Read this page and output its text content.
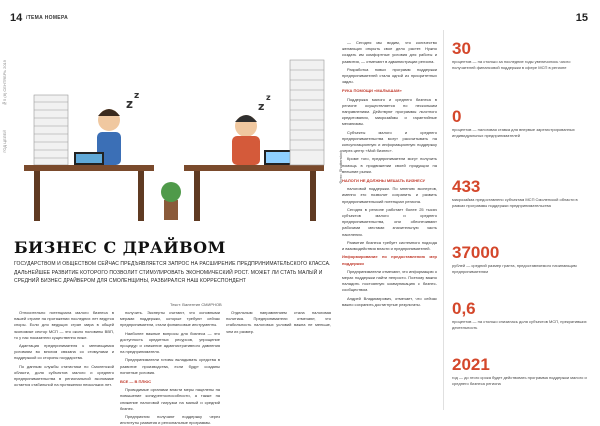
14 /ТЕМА НОМЕРА	15
№5 (8) СЕНТЯБРЬ 2019
ГОД ЦЕЛЕЙ
z
z
z
z
Фото: Shutterstock
БИЗНЕС С ДРАЙВОМ
ГОСУДАРСТВОМ И ОБЩЕСТВОМ СЕЙЧАС ПРЕДЪЯВЛЯЕТСЯ ЗАПРОС НА РАСШИРЕНИЕ ПРЕДПРИНИМАТЕЛЬСКОГО КЛАССА. ДАЛЬНЕЙШЕЕ РАЗВИТИЕ КОТОРОГО ПОЗВОЛИТ СТИМУЛИРОВАТЬ ЭКОНОМИЧЕСКИЙ РОСТ. МОЖЕТ ЛИ СТАТЬ МАЛЫЙ И СРЕДНИЙ БИЗНЕС ДРАЙВЕРОМ ДЛЯ СМОЛЕНЩИНЫ, РАЗБИРАЛСЯ НАШ КОРРЕСПОНДЕНТ
Текст: Валентин СМИРНОВ

Относительно потенциала малого бизнеса в нашей стране на протяжении последних лет ведутся споры. Если для ведущих стран мира в общей экономике сектор МСП — это около половины ВВП, то у нас показатели существенно ниже.

Адаптация предпринимателя к меняющимся условиям во многом связана со стимулами и поддержкой со стороны государства.

По данным службы статистики по Смоленской области, доля субъектов малого и среднего предпринимательства в региональной экономике остается стабильной на протяжении нескольких лет.

получить. Эксперты считают, что основными мерами поддержки, которые требуют сейчас предприниматели, стали финансовые инструменты.

Наиболее важные вопросы для бизнеса — это доступность кредитных ресурсов, упрощение процедур и снижение административного давления на предпринимателя.

Предприниматели готовы вкладывать средства в развитие производства, если будут созданы понятные условия.

ВСЕ — В ПЛЮС

Проводимые органами власти меры нацелены на повышение конкурентоспособности, а также на снижение налоговой нагрузки на малый и средний бизнес.

Предприятия получают поддержку через институты развития и региональные программы.

Отдельным направлением стала налоговая политика. Предприниматели отмечают, что стабильность налоговых условий важна не меньше, чем их размер.

— Сегодня мы видим, что количество желающих открыть свое дело растет. Нужно создать им комфортные условия для работы и развития, — отмечают в администрации региона.

Разработка новых программ поддержки предпринимателей стала одной из приоритетных задач.

РУКА ПОМОЩИ «МАЛЫШАМ»

Поддержка малого и среднего бизнеса в регионе осуществляется по нескольким направлениям. Действуют программы льготного кредитования, микрозаймы и гарантийные механизмы.

Субъекты малого и среднего предпринимательства могут рассчитывать на консультационную и информационную поддержку через центр «Мой бизнес».

Кроме того, предприниматели могут получить помощь в продвижении своей продукции на внешние рынки.

НАЛОГИ НЕ ДОЛЖНЫ МЕШАТЬ БИЗНЕСУ

налоговой поддержки. По мнению экспертов, именно это позволит сохранить и развить предпринимательский потенциал региона.

Сегодня в регионе работает более 25 тысяч субъектов малого и среднего предпринимательства, они обеспечивают рабочими местами значительную часть населения.

Развитие бизнеса требует системного подхода и взаимодействия власти и предпринимателей.

Информирование по предоставлению мер поддержки

Предприниматели отмечают, что информацию о мерах поддержки найти непросто. Поэтому важно наладить постоянную коммуникацию с бизнес-сообществом.

Андрей Владимирович, отмечает, что сейчас важно сохранить достигнутые результаты.

30
процентов — на столько за последние годы увеличилось число получателей финансовой поддержки в сфере МСП в регионе
0
процентов — налоговая ставка для впервые зарегистрированных индивидуальных предпринимателей
433
микрозайма предоставлено субъектам МСП Смоленской области в рамках программы поддержки предпринимательства
37000
рублей — средний размер гранта, предоставляемого начинающим предпринимателям
0,6
процентов — на столько снизилась доля субъектов МСП, прекративших деятельность
2021
год — до этого срока будет действовать программа поддержки малого и среднего бизнеса региона
